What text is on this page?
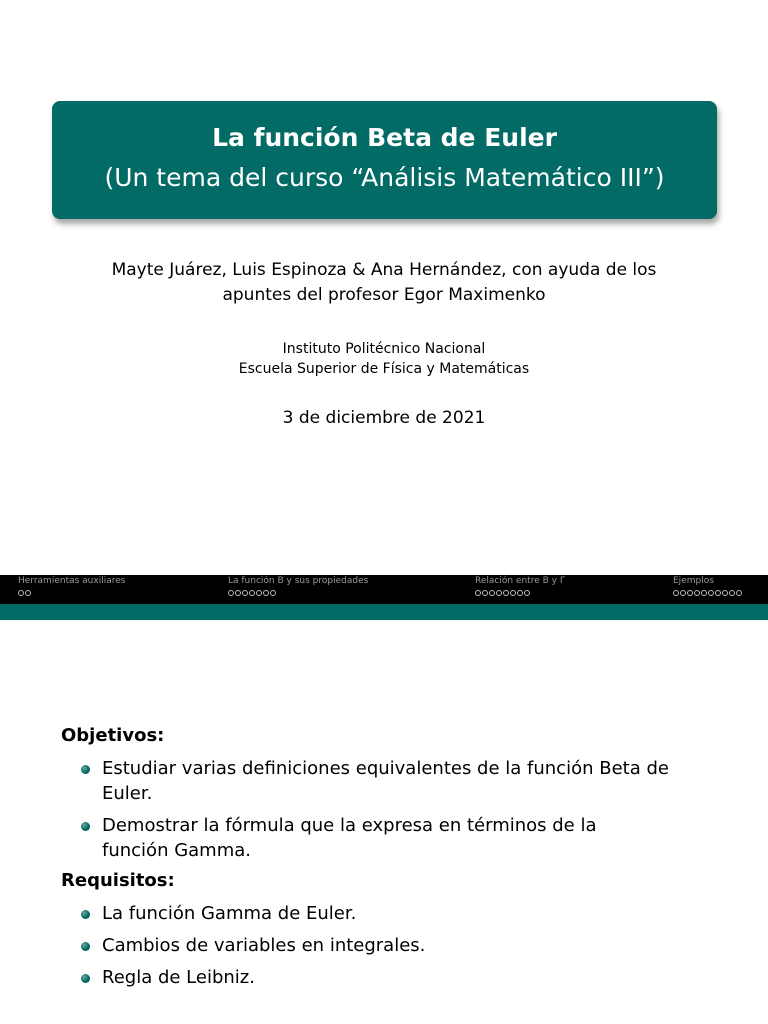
La función Beta de Euler
(Un tema del curso “Análisis Matemático III”)
Mayte Juárez, Luis Espinoza & Ana Hernández, con ayuda de los
apuntes del profesor Egor Maximenko
Instituto Politécnico Nacional
Escuela Superior de Física y Matemáticas
3 de diciembre de 2021
Herramientas auxiliares	La función B y sus propiedades	Relación entre B y Γ	Ejemplos
Objetivos:
Estudiar varias definiciones equivalentes de la función Beta de Euler.
Demostrar la fórmula que la expresa en términos de la función Gamma.
Requisitos:
La función Gamma de Euler.
Cambios de variables en integrales.
Regla de Leibniz.
